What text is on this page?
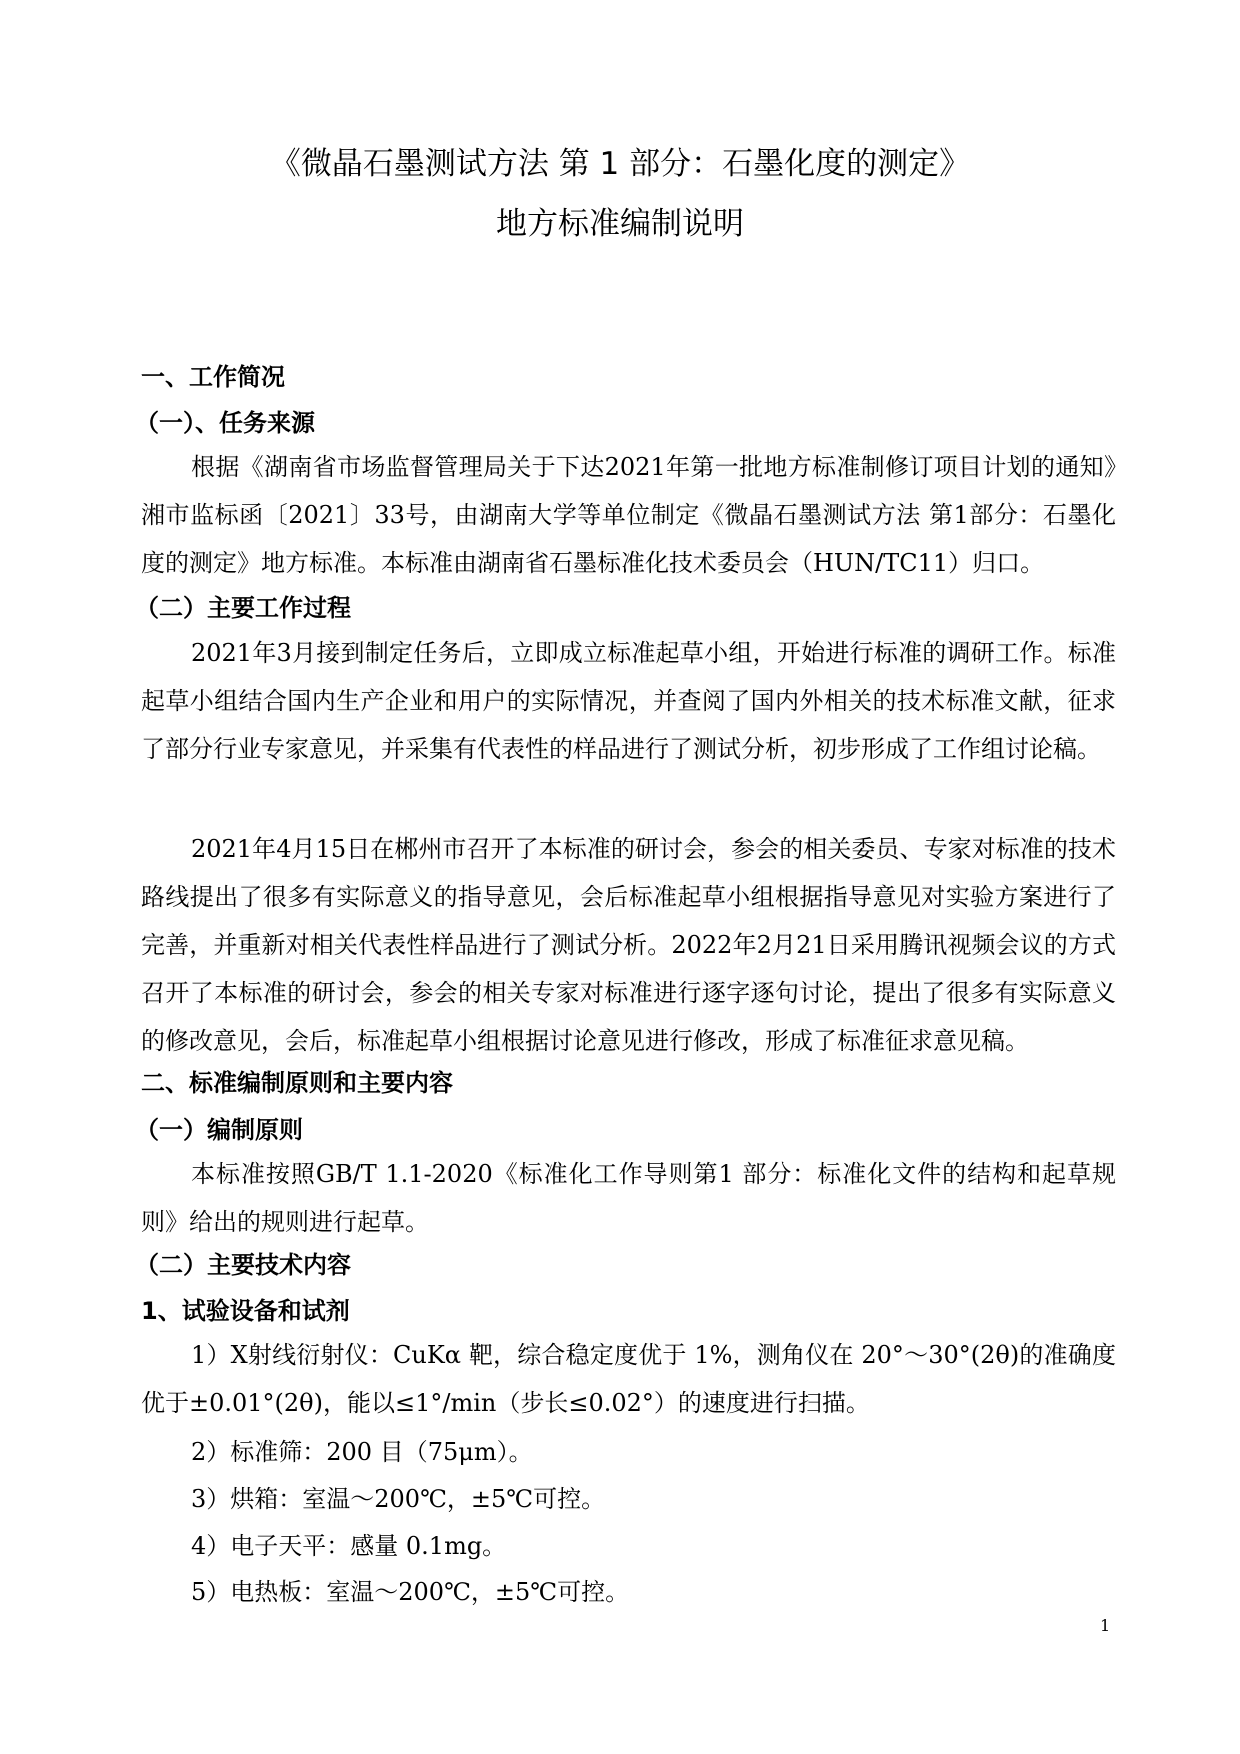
《微晶石墨测试方法 第 1 部分：石墨化度的测定》
地方标准编制说明
一、工作简况
（一）、任务来源

根据《湖南省市场监督管理局关于下达2021年第一批地方标准制修订项目计划的通知》湘市监标函〔2021〕33号，由湖南大学等单位制定《微晶石墨测试方法 第1部分：石墨化度的测定》地方标准。本标准由湖南省石墨标准化技术委员会（HUN/TC11）归口。

（二）主要工作过程

2021年3月接到制定任务后，立即成立标准起草小组，开始进行标准的调研工作。标准起草小组结合国内生产企业和用户的实际情况，并查阅了国内外相关的技术标准文献，征求了部分行业专家意见，并采集有代表性的样品进行了测试分析，初步形成了工作组讨论稿。

2021年4月15日在郴州市召开了本标准的研讨会，参会的相关委员、专家对标准的技术路线提出了很多有实际意义的指导意见，会后标准起草小组根据指导意见对实验方案进行了完善，并重新对相关代表性样品进行了测试分析。2022年2月21日采用腾讯视频会议的方式召开了本标准的研讨会，参会的相关专家对标准进行逐字逐句讨论，提出了很多有实际意义的修改意见，会后，标准起草小组根据讨论意见进行修改，形成了标准征求意见稿。

二、标准编制原则和主要内容
（一）编制原则

本标准按照GB/T 1.1-2020《标准化工作导则第1 部分：标准化文件的结构和起草规则》给出的规则进行起草。

（二）主要技术内容
1、试验设备和试剂

1）X射线衍射仪：CuKα 靶，综合稳定度优于 1%，测角仪在 20°～30°(2θ)的准确度优于±0.01°(2θ)，能以≤1°/min（步长≤0.02°）的速度进行扫描。

2）标准筛：200 目（75μm）。
3）烘箱：室温～200℃，±5℃可控。
4）电子天平：感量 0.1mg。
5）电热板：室温～200℃，±5℃可控。
1
